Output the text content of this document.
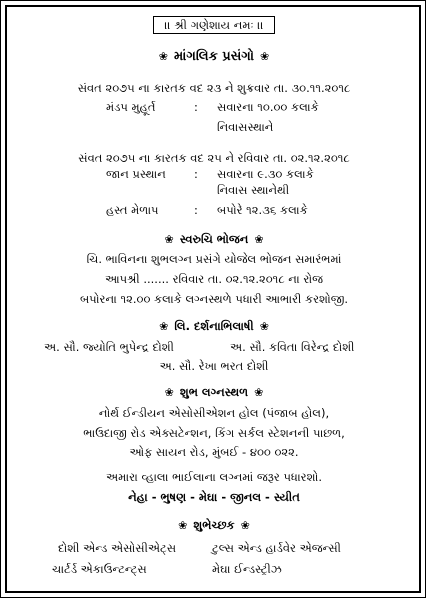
।। શ્રી ગણેશાય નમઃ ।।
❀ માંગલિક પ્રસંગો ❀
સંવત ૨૦૭૫ ના કારતક વદ ૨૩ ને શુક્રવાર તા. ૩૦.૧૧.૨૦૧૮
મંડપ મુહૂર્ત	: સવારના ૧૦.૦૦ કલાકે
નિવાસસ્થાને
સંવત ૨૦૭૫ ના કારતક વદ ૨૫ ને રવિવાર તા. ૦૨.૧૨.૨૦૧૮
જાન પ્રસ્થાન : સવારના ૯.૩૦ કલાકે
નિવાસ સ્થાનેથી
હસ્ત મેળાપ	: બપોરે ૧૨.૩૬ કલાકે
❀ સ્વરુચિ ભોજન ❀
ચિ. ભાવિનના શુભલગ્ન પ્રસંગે યોજેલ ભોજન સમારંભમાં
આપશ્રી ....... રવિવાર તા. ૦૨.૧૨.૨૦૧૮ ના રોજ
બપોરના ૧૨.૦૦ કલાકે લગ્નસ્થળે પધારી આભારી કરશોજી.
❀ લિ. દર્શનાભિલાષી ❀
અ. સૌ. જ્યોતિ ભુપેન્દ્ર દોશી	અ. સૌ. કવિતા વિરેન્દ્ર દોશી
અ. સૌ. રેખા ભરત દોશી
❀ શુભ લગ્નસ્થળ ❀
નોર્થ ઈન્ડીયન એસોસીએશન હોલ (પંજાબ હોલ),
ભાઉદાજી રોડ એક્સટેન્શન, કિંગ સર્કલ સ્ટેશનની પાછળ,
ઓફ સાયન રોડ, મુંબઈ - ૪૦૦ ૦૨૨.
અમારા વ્હાલા ભાઈલાના લગ્નમાં જરૂર પધારશો.
નેહા - ભુષણ - મેઘા - જીનલ - સ્યીત
❀ શુભેચ્છક ❀
દોશી એન્ડ એસોસીએટ્સ	ટુલ્સ એન્ડ હાર્ડવેર એજન્સી
ચાર્ટર્ડ એકાઉન્ટન્ટ્સ	મેઘા ઈન્ડસ્ટ્રીઝ
